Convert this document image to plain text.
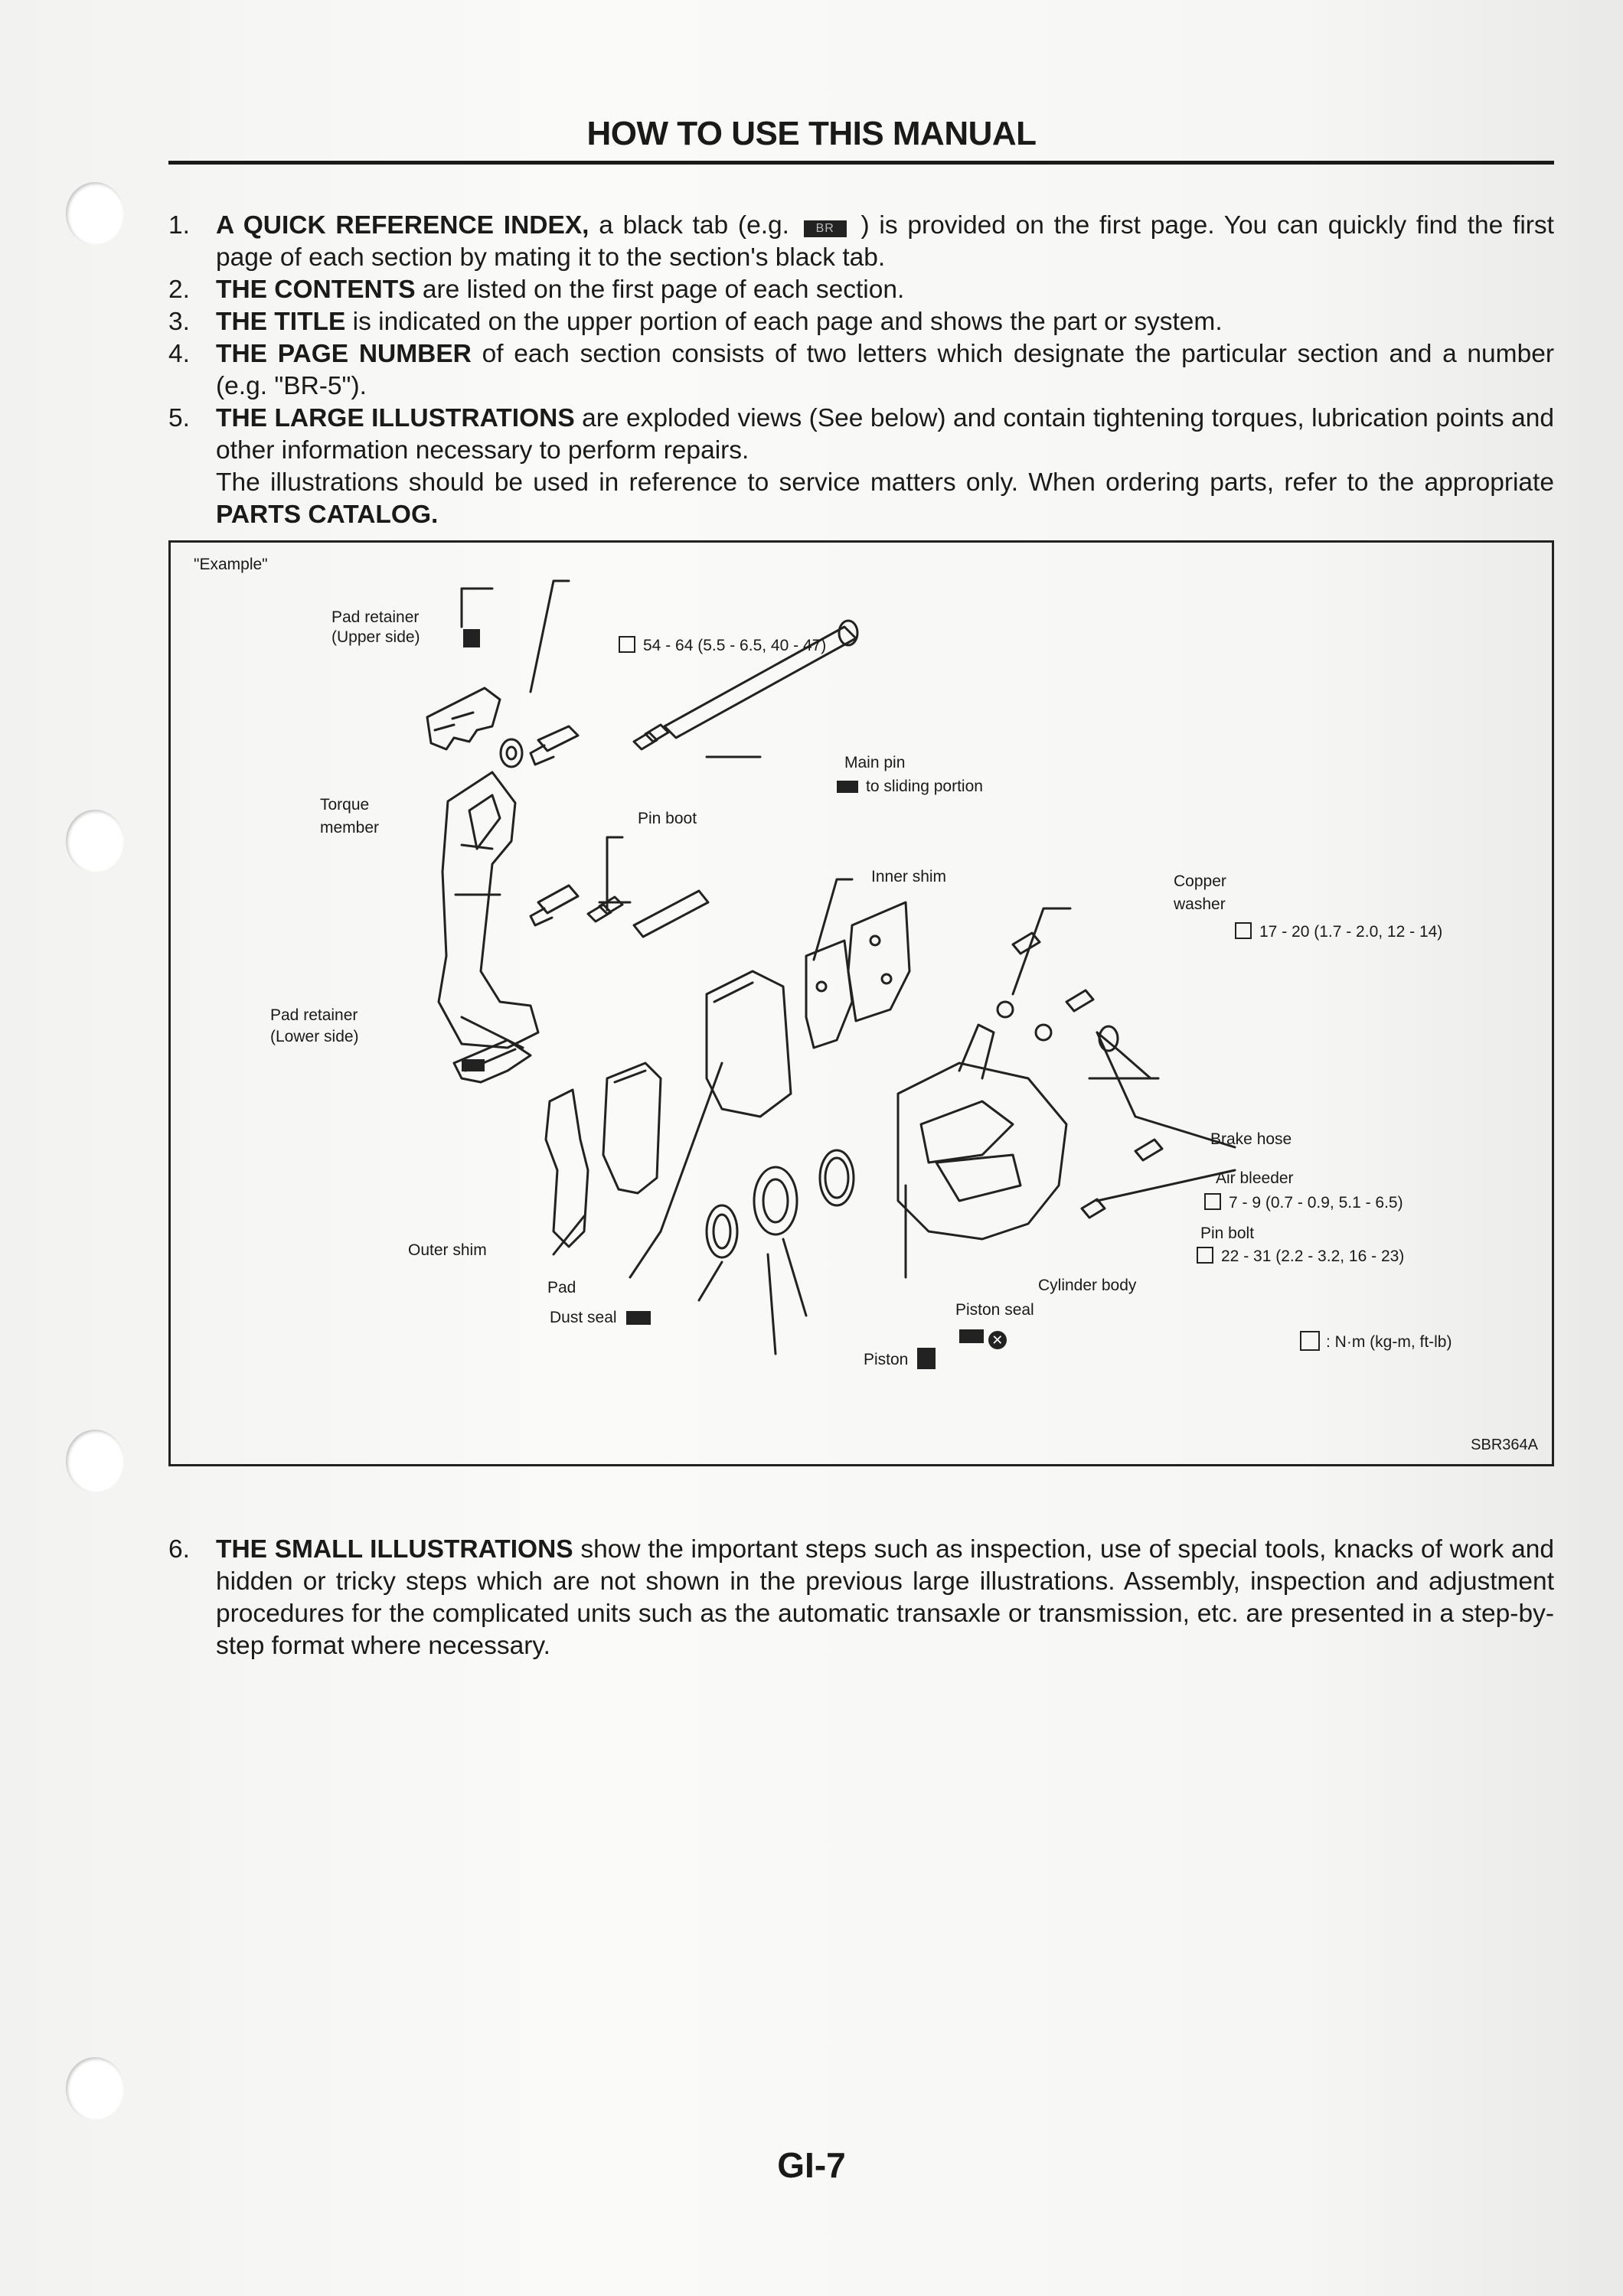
HOW TO USE THIS MANUAL
1.	A QUICK REFERENCE INDEX, a black tab (e.g. BR ) is provided on the first page. You can quickly find the first page of each section by mating it to the section's black tab.
2.	THE CONTENTS are listed on the first page of each section.
3.	THE TITLE is indicated on the upper portion of each page and shows the part or system.
4.	THE PAGE NUMBER of each section consists of two letters which designate the particular section and a number (e.g. "BR-5").
5.	THE LARGE ILLUSTRATIONS are exploded views (See below) and contain tightening torques, lubrication points and other information necessary to perform repairs.
The illustrations should be used in reference to service matters only. When ordering parts, refer to the appropriate PARTS CATALOG.
"Example"
Pad retainer
(Upper side)	54 - 64 (5.5 - 6.5, 40 - 47)
Main pin
to sliding portion
Torque
member
Pin boot
Inner shim	Copper
washer
17 - 20 (1.7 - 2.0, 12 - 14)
Pad retainer
(Lower side)
Brake hose
Air bleeder
7 - 9 (0.7 - 0.9, 5.1 - 6.5)
Pin bolt
22 - 31 (2.2 - 3.2, 16 - 23)
Outer shim
Cylinder body
Pad
Dust seal	Piston seal
✕
Piston
: N·m (kg-m, ft-lb)
SBR364A
6.	THE SMALL ILLUSTRATIONS show the important steps such as inspection, use of special tools, knacks of work and hidden or tricky steps which are not shown in the previous large illustrations. Assembly, inspection and adjustment procedures for the complicated units such as the automatic transaxle or transmission, etc. are presented in a step-by-step format where necessary.
GI-7
